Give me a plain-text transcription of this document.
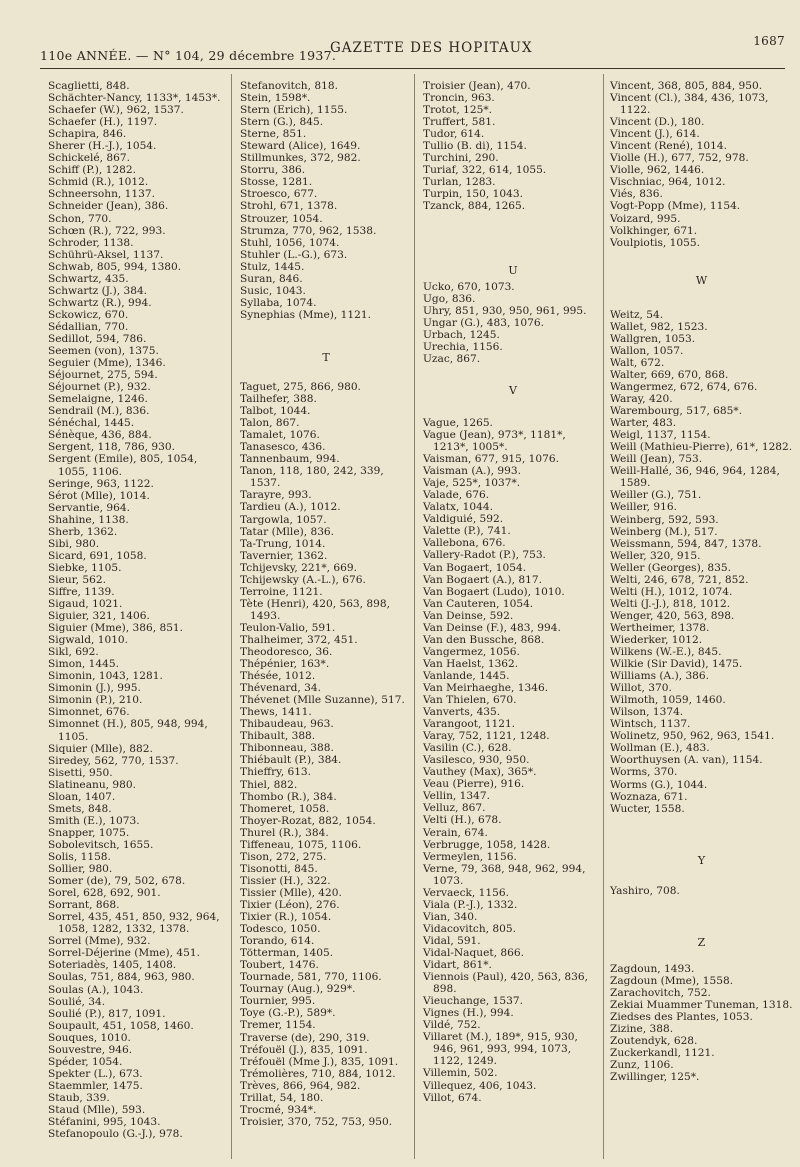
110e ANNÉE. — N° 104, 29 décembre 1937.
GAZETTE DES HOPITAUX	1687
Scaglietti, 848.
Schächter-Nancy, 1133*, 1453*.
Schaefer (W.), 962, 1537.
Schaefer (H.), 1197.
Schapira, 846.
Sherer (H.-J.), 1054.
Schickelé, 867.
Schiff (P.), 1282.
Schmid (R.), 1012.
Schneersohn, 1137.
Schneider (Jean), 386.
Schon, 770.
Schœn (R.), 722, 993.
Schroder, 1138.
Schührü-Aksel, 1137.
Schwab, 805, 994, 1380.
Schwartz, 435.
Schwartz (J.), 384.
Schwartz (R.), 994.
Sckowicz, 670.
Sédallian, 770.
Sedillot, 594, 786.
Seemen (von), 1375.
Seguier (Mme), 1346.
Séjournet, 275, 594.
Séjournet (P.), 932.
Semelaigne, 1246.
Sendrail (M.), 836.
Sénéchal, 1445.
Sénèque, 436, 884.
Sergent, 118, 786, 930.
Sergent (Emile), 805, 1054, 1055, 1106.
Seringe, 963, 1122.
Sérot (Mlle), 1014.
Servantie, 964.
Shahine, 1138.
Sherb, 1362.
Sibi, 980.
Sicard, 691, 1058.
Siebke, 1105.
Sieur, 562.
Siffre, 1139.
Sigaud, 1021.
Siguier, 321, 1406.
Siguier (Mme), 386, 851.
Sigwald, 1010.
Sikl, 692.
Simon, 1445.
Simonin, 1043, 1281.
Simonin (J.), 995.
Simonin (P.), 210.
Simonnet, 676.
Simonnet (H.), 805, 948, 994, 1105.
Siquier (Mlle), 882.
Siredey, 562, 770, 1537.
Sisetti, 950.
Slatineanu, 980.
Sloan, 1407.
Smets, 848.
Smith (E.), 1073.
Snapper, 1075.
Sobolevitsch, 1655.
Solis, 1158.
Sollier, 980.
Somer (de), 79, 502, 678.
Sorel, 628, 692, 901.
Sorrant, 868.
Sorrel, 435, 451, 850, 932, 964, 1058, 1282, 1332, 1378.
Sorrel (Mme), 932.
Sorrel-Déjerine (Mme), 451.
Soteriadès, 1405, 1408.
Soulas, 751, 884, 963, 980.
Soulas (A.), 1043.
Soulié, 34.
Soulié (P.), 817, 1091.
Soupault, 451, 1058, 1460.
Souques, 1010.
Souvestre, 946.
Spéder, 1054.
Spekter (L.), 673.
Staemmler, 1475.
Staub, 339.
Staud (Mlle), 593.
Stéfanini, 995, 1043.
Stefanopoulo (G.-J.), 978.
Stefanovitch, 818.
Stein, 1598*.
Stern (Erich), 1155.
Stern (G.), 845.
Sterne, 851.
Steward (Alice), 1649.
Stillmunkes, 372, 982.
Storru, 386.
Stosse, 1281.
Stroesco, 677.
Strohl, 671, 1378.
Strouzer, 1054.
Strumza, 770, 962, 1538.
Stuhl, 1056, 1074.
Stuhler (L.-G.), 673.
Stulz, 1445.
Suran, 846.
Susic, 1043.
Syllaba, 1074.
Synephias (Mme), 1121.
T
Taguet, 275, 866, 980.
Tailhefer, 388.
Talbot, 1044.
Talon, 867.
Tamalet, 1076.
Tanasesco, 436.
Tannenbaum, 994.
Tanon, 118, 180, 242, 339, 1537.
Tarayre, 993.
Tardieu (A.), 1012.
Targowla, 1057.
Tatar (Mlle), 836.
Ta-Trung, 1014.
Tavernier, 1362.
Tchijevsky, 221*, 669.
Tchijewsky (A.-L.), 676.
Terroine, 1121.
Tète (Henri), 420, 563, 898, 1493.
Teulon-Valio, 591.
Thalheimer, 372, 451.
Theodoresco, 36.
Thépénier, 163*.
Thésée, 1012.
Thévenard, 34.
Thévenet (Mlle Suzanne), 517.
Thews, 1411.
Thibaudeau, 963.
Thibault, 388.
Thibonneau, 388.
Thiébault (P.), 384.
Thieffry, 613.
Thiel, 882.
Thombo (R.), 384.
Thomeret, 1058.
Thoyer-Rozat, 882, 1054.
Thurel (R.), 384.
Tiffeneau, 1075, 1106.
Tison, 272, 275.
Tisonotti, 845.
Tissier (H.), 322.
Tissier (Mlle), 420.
Tixier (Léon), 276.
Tixier (R.), 1054.
Todesco, 1050.
Torando, 614.
Tötterman, 1405.
Toubert, 1476.
Tournade, 581, 770, 1106.
Tournay (Aug.), 929*.
Tournier, 995.
Toye (G.-P.), 589*.
Tremer, 1154.
Traverse (de), 290, 319.
Tréfouël (J.), 835, 1091.
Tréfouël (Mme J.), 835, 1091.
Trémolières, 710, 884, 1012.
Trèves, 866, 964, 982.
Trillat, 54, 180.
Trocmé, 934*.
Troisier, 370, 752, 753, 950.
Troisier (Jean), 470.
Troncin, 963.
Trotot, 125*.
Truffert, 581.
Tudor, 614.
Tullio (B. di), 1154.
Turchini, 290.
Turiaf, 322, 614, 1055.
Turlan, 1283.
Turpin, 150, 1043.
Tzanck, 884, 1265.
U
Ucko, 670, 1073.
Ugo, 836.
Uhry, 851, 930, 950, 961, 995.
Ungar (G.), 483, 1076.
Urbach, 1245.
Urechia, 1156.
Uzac, 867.
V
Vague, 1265.
Vague (Jean), 973*, 1181*, 1213*, 1005*.
Vaisman, 677, 915, 1076.
Vaisman (A.), 993.
Vaje, 525*, 1037*.
Valade, 676.
Valatx, 1044.
Valdiguié, 592.
Valette (P.), 741.
Vallebona, 676.
Vallery-Radot (P.), 753.
Van Bogaert, 1054.
Van Bogaert (A.), 817.
Van Bogaert (Ludo), 1010.
Van Cauteren, 1054.
Van Deinse, 592.
Van Deinse (F.), 483, 994.
Van den Bussche, 868.
Vangermez, 1056.
Van Haelst, 1362.
Vanlande, 1445.
Van Meirhaeghe, 1346.
Van Thielen, 670.
Vanverts, 435.
Varangoot, 1121.
Varay, 752, 1121, 1248.
Vasilin (C.), 628.
Vasilesco, 930, 950.
Vauthey (Max), 365*.
Veau (Pierre), 916.
Vellin, 1347.
Velluz, 867.
Velti (H.), 678.
Verain, 674.
Verbrugge, 1058, 1428.
Vermeylen, 1156.
Verne, 79, 368, 948, 962, 994, 1073.
Vervaeck, 1156.
Viala (P.-J.), 1332.
Vian, 340.
Vidacovitch, 805.
Vidal, 591.
Vidal-Naquet, 866.
Vidart, 861*.
Viennois (Paul), 420, 563, 836, 898.
Vieuchange, 1537.
Vignes (H.), 994.
Vildé, 752.
Villaret (M.), 189*, 915, 930, 946, 961, 993, 994, 1073, 1122, 1249.
Villemin, 502.
Villequez, 406, 1043.
Villot, 674.
Vincent, 368, 805, 884, 950.
Vincent (Cl.), 384, 436, 1073, 1122.
Vincent (D.), 180.
Vincent (J.), 614.
Vincent (René), 1014.
Violle (H.), 677, 752, 978.
Violle, 962, 1446.
Vischniac, 964, 1012.
Viés, 836.
Vogt-Popp (Mme), 1154.
Voizard, 995.
Volkhinger, 671.
Voulpiotis, 1055.
W
Weitz, 54.
Wallet, 982, 1523.
Wallgren, 1053.
Wallon, 1057.
Walt, 672.
Walter, 669, 670, 868.
Wangermez, 672, 674, 676.
Waray, 420.
Warembourg, 517, 685*.
Warter, 483.
Weigl, 1137, 1154.
Weill (Mathieu-Pierre), 61*, 1282.
Weill (Jean), 753.
Weill-Hallé, 36, 946, 964, 1284, 1589.
Weiller (G.), 751.
Weiller, 916.
Weinberg, 592, 593.
Weinberg (M.), 517.
Weissmann, 594, 847, 1378.
Weller, 320, 915.
Weller (Georges), 835.
Welti, 246, 678, 721, 852.
Welti (H.), 1012, 1074.
Welti (J.-J.), 818, 1012.
Wenger, 420, 563, 898.
Wertheimer, 1378.
Wiederker, 1012.
Wilkens (W.-E.), 845.
Wilkie (Sir David), 1475.
Williams (A.), 386.
Willot, 370.
Wilmoth, 1059, 1460.
Wilson, 1374.
Wintsch, 1137.
Wolinetz, 950, 962, 963, 1541.
Wollman (E.), 483.
Woorthuysen (A. van), 1154.
Worms, 370.
Worms (G.), 1044.
Woznaza, 671.
Wucter, 1558.
Y
Yashiro, 708.
Z
Zagdoun, 1493.
Zagdoun (Mme), 1558.
Zarachovitch, 752.
Zekiai Muammer Tuneman, 1318.
Ziedses des Plantes, 1053.
Zizine, 388.
Zoutendyk, 628.
Zuckerkandl, 1121.
Zunz, 1106.
Zwillinger, 125*.
